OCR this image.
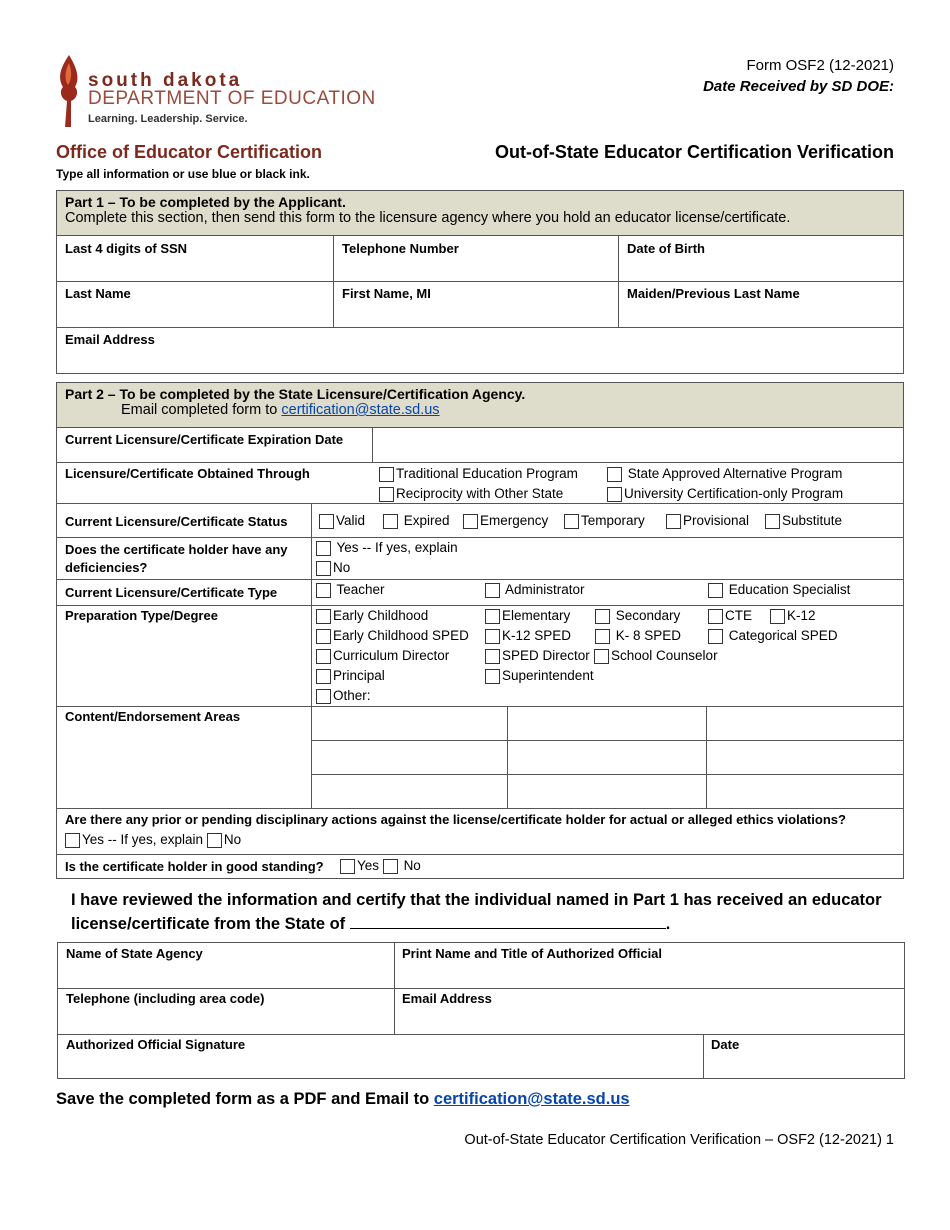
south dakota
DEPARTMENT OF EDUCATION
Learning. Leadership. Service.
Form OSF2 (12-2021)
Date Received by SD DOE:
Office of Educator Certification	Out-of-State Educator Certification Verification
Type all information or use blue or black ink.
Part 1 – To be completed by the Applicant.
Complete this section, then send this form to the licensure agency where you hold an educator license/certificate.
Last 4 digits of SSN	Telephone Number	Date of Birth
Last Name	First Name, MI	Maiden/Previous Last Name
Email Address
Part 2 – To be completed by the State Licensure/Certification Agency.
Email completed form to certification@state.sd.us
Current Licensure/Certificate Expiration Date
Licensure/Certificate Obtained Through	Traditional Education Program	State Approved Alternative Program
Reciprocity with Other State	University Certification-only Program
Current Licensure/Certificate Status	Valid	Expired	Emergency	Temporary	Provisional	Substitute
Does the certificate holder have any deficiencies?
Yes -- If yes, explain
No
Current Licensure/Certificate Type	Teacher	Administrator	Education Specialist
Preparation Type/Degree	Early Childhood	Elementary	Secondary	CTE	K-12
Early Childhood SPED	K-12 SPED	K- 8 SPED	Categorical SPED
Curriculum Director	SPED Director	School Counselor
Principal	Superintendent
Other:
Content/Endorsement Areas
Are there any prior or pending disciplinary actions against the license/certificate holder for actual or alleged ethics violations?
Yes -- If yes, explain No
Is the certificate holder in good standing?	Yes No
I have reviewed the information and certify that the individual named in Part 1 has received an educator
license/certificate from the State of	.
Name of State Agency	Print Name and Title of Authorized Official
Telephone (including area code)	Email Address
Authorized Official Signature	Date
Save the completed form as a PDF and Email to certification@state.sd.us
Out-of-State Educator Certification Verification – OSF2 (12-2021) 1
